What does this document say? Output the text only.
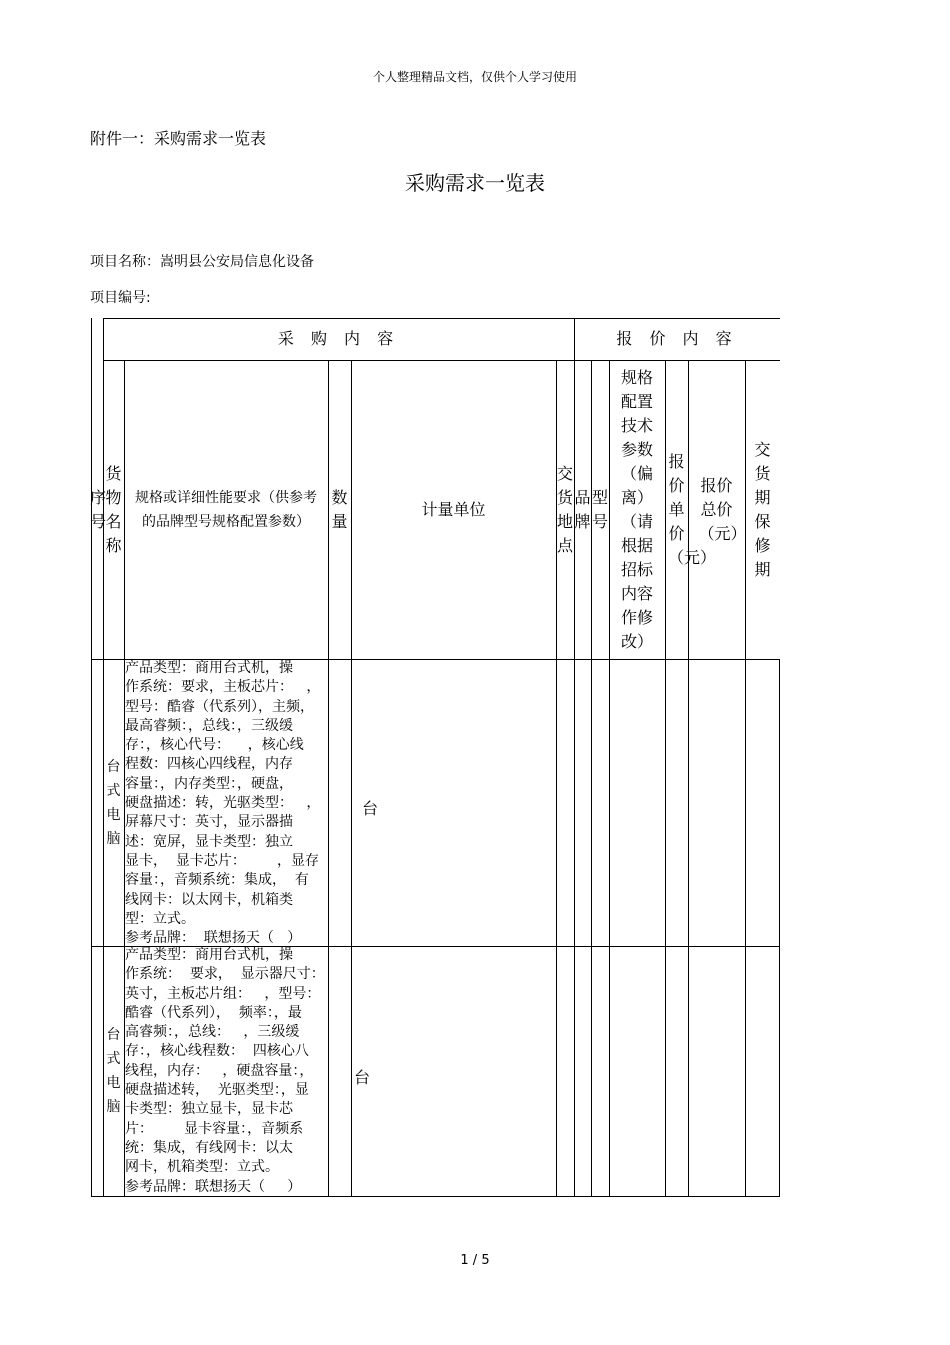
个人整理精品文档，仅供个人学习使用
附件一：采购需求一览表
采购需求一览表
项目名称：嵩明县公安局信息化设备
项目编号:
采 购 内 容	报 价 内 容
序号
货物名称
规格或详细性能要求（供参考的品牌型号规格配置参数）
数量
计量单位
交货地点
品牌
型号
规格配置技术参数（偏离）（请根据招标内容作修改）
报价单价（元）
报价总价（元）
交货期保修期
台式电脑
产品类型：商用台式机，操
作系统：要求，主板芯片：   ，
型号：酷睿（代系列），主频，
最高睿频：，总线：，三级缓
存：，核心代号：    ，核心线
程数：四核心四线程，内存
容量：，内存类型：，硬盘，
硬盘描述：转，光驱类型：   ，
屏幕尺寸：英寸，显示器描
述：宽屏，显卡类型：独立
显卡，  显卡芯片：       ，显存
容量：，音频系统：集成，  有
线网卡：以太网卡，机箱类
型：立式。
参考品牌：  联想扬天（   ）
台
台式电脑
产品类型：商用台式机，操
作系统：  要求，  显示器尺寸：
英寸，主板芯片组：   ，型号：
酷睿（代系列），  频率：，最
高睿频：，总线：   ，三级缓
存：，核心线程数：  四核心八
线程，内存：   ，硬盘容量：，
硬盘描述转，  光驱类型：，显
卡类型：独立显卡，显卡芯
片：       显卡容量：，音频系
统：集成，有线网卡：以太
网卡，机箱类型：立式。
参考品牌：联想扬天（     ）
台
1 / 5
